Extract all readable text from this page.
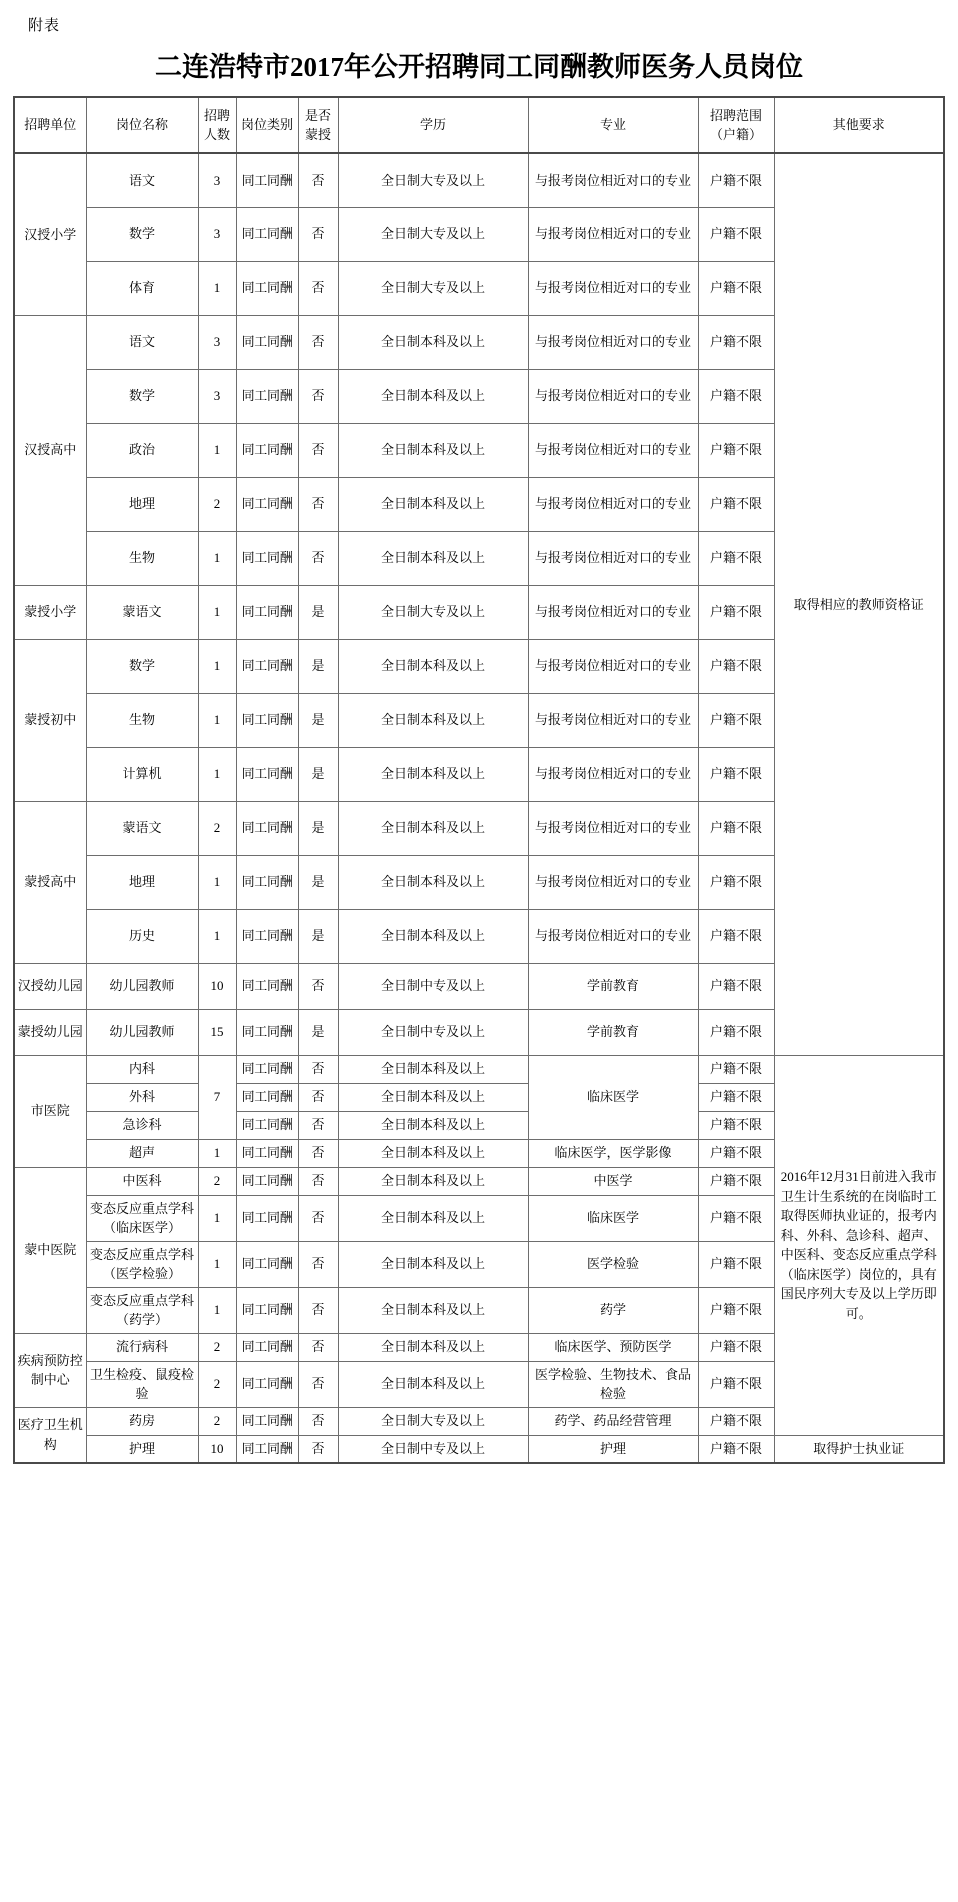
附表
二连浩特市2017年公开招聘同工同酬教师医务人员岗位
招聘单位	岗位名称	招聘人数	岗位类别	是否蒙授	学历	专业	招聘范围（户籍）	其他要求
汉授小学	语文	3	同工同酬	否	全日制大专及以上	与报考岗位相近对口的专业	户籍不限	取得相应的教师资格证
	数学	3	同工同酬	否	全日制大专及以上	与报考岗位相近对口的专业	户籍不限	
	体育	1	同工同酬	否	全日制大专及以上	与报考岗位相近对口的专业	户籍不限	
汉授高中	语文	3	同工同酬	否	全日制本科及以上	与报考岗位相近对口的专业	户籍不限	
	数学	3	同工同酬	否	全日制本科及以上	与报考岗位相近对口的专业	户籍不限	
	政治	1	同工同酬	否	全日制本科及以上	与报考岗位相近对口的专业	户籍不限	
	地理	2	同工同酬	否	全日制本科及以上	与报考岗位相近对口的专业	户籍不限	
	生物	1	同工同酬	否	全日制本科及以上	与报考岗位相近对口的专业	户籍不限	
蒙授小学	蒙语文	1	同工同酬	是	全日制大专及以上	与报考岗位相近对口的专业	户籍不限	
蒙授初中	数学	1	同工同酬	是	全日制本科及以上	与报考岗位相近对口的专业	户籍不限	
	生物	1	同工同酬	是	全日制本科及以上	与报考岗位相近对口的专业	户籍不限	
	计算机	1	同工同酬	是	全日制本科及以上	与报考岗位相近对口的专业	户籍不限	
蒙授高中	蒙语文	2	同工同酬	是	全日制本科及以上	与报考岗位相近对口的专业	户籍不限	
	地理	1	同工同酬	是	全日制本科及以上	与报考岗位相近对口的专业	户籍不限	
	历史	1	同工同酬	是	全日制本科及以上	与报考岗位相近对口的专业	户籍不限	
汉授幼儿园	幼儿园教师	10	同工同酬	否	全日制中专及以上	学前教育	户籍不限	
蒙授幼儿园	幼儿园教师	15	同工同酬	是	全日制中专及以上	学前教育	户籍不限	
市医院	内科	7	同工同酬	否	全日制本科及以上	临床医学	户籍不限	2016年12月31日前进入我市卫生计生系统的在岗临时工取得医师执业证的，报考内科、外科、急诊科、超声、中医科、变态反应重点学科（临床医学）岗位的，具有国民序列大专及以上学历即可。
	外科		同工同酬	否	全日制本科及以上		户籍不限	
	急诊科		同工同酬	否	全日制本科及以上		户籍不限	
	超声	1	同工同酬	否	全日制本科及以上	临床医学，医学影像	户籍不限	
蒙中医院	中医科	2	同工同酬	否	全日制本科及以上	中医学	户籍不限	
	变态反应重点学科（临床医学）	1	同工同酬	否	全日制本科及以上	临床医学	户籍不限	
	变态反应重点学科（医学检验）	1	同工同酬	否	全日制本科及以上	医学检验	户籍不限	
	变态反应重点学科（药学）	1	同工同酬	否	全日制本科及以上	药学	户籍不限	
疾病预防控制中心	流行病科	2	同工同酬	否	全日制本科及以上	临床医学、预防医学	户籍不限	
	卫生检疫、鼠疫检验	2	同工同酬	否	全日制本科及以上	医学检验、生物技术、食品检验	户籍不限	
医疗卫生机构	药房	2	同工同酬	否	全日制大专及以上	药学、药品经营管理	户籍不限	
	护理	10	同工同酬	否	全日制中专及以上	护理	户籍不限	取得护士执业证
